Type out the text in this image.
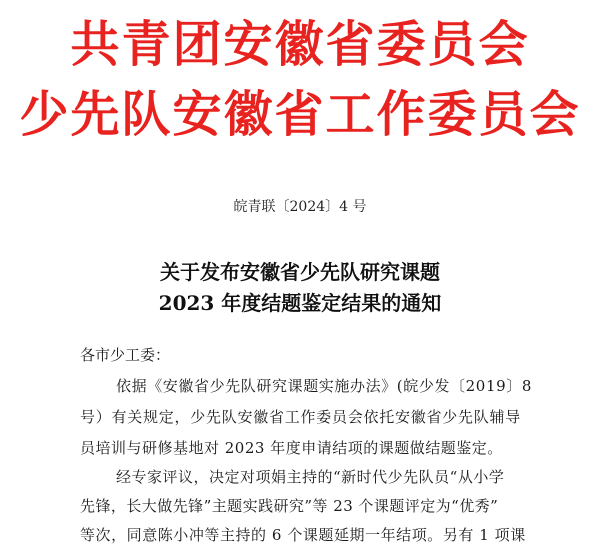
共青团安徽省委员会
少先队安徽省工作委员会
皖青联〔2024〕4 号
关于发布安徽省少先队研究课题
2023 年度结题鉴定结果的通知
各市少工委：
依据《安徽省少先队研究课题实施办法》(皖少发〔2019〕8
号）有关规定，少先队安徽省工作委员会依托安徽省少先队辅导
员培训与研修基地对 2023 年度申请结项的课题做结题鉴定。
经专家评议，决定对项娟主持的“新时代少先队员“从小学
先锋，长大做先锋”主题实践研究”等 23 个课题评定为“优秀”
等次，同意陈小冲等主持的 6 个课题延期一年结项。另有 1 项课
